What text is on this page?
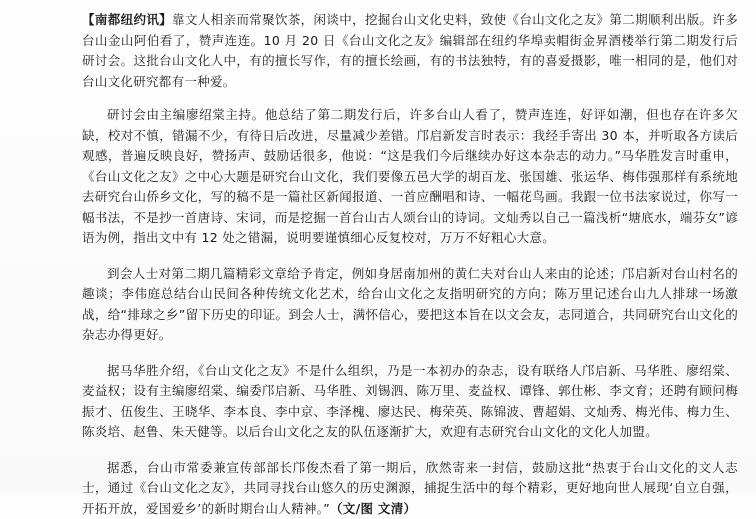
【南都纽约讯】靠文人相亲而常聚饮茶，闲谈中，挖掘台山文化史料，致使《台山文化之友》第二期顺利出版。许多台山金山阿伯看了，赞声连连。10 月 20 日《台山文化之友》编辑部在纽约华埠卖帽街金昇酒楼举行第二期发行后研讨会。这批台山文化人中，有的擅长写作，有的擅长绘画，有的书法独特，有的喜爱摄影，唯一相同的是，他们对台山文化研究都有一种爱。

研讨会由主编廖绍棠主持。他总结了第二期发行后，许多台山人看了，赞声连连，好评如潮，但也存在许多欠缺，校对不慎，错漏不少，有待日后改进，尽量减少差错。邝启新发言时表示：我经手寄出 30 本，并听取各方读后观感，普遍反映良好，赞扬声、鼓励话很多，他说：“这是我们今后继续办好这本杂志的动力。”马华胜发言时重申，《台山文化之友》之中心大题是研究台山文化，我们要像五邑大学的胡百龙、张国雄、张运华、梅伟强那样有系统地去研究台山侨乡文化，写的稿不是一篇社区新闻报道、一首应酬唱和诗、一幅花鸟画。我跟一位书法家说过，你写一幅书法，不是抄一首唐诗、宋词，而是挖掘一首台山古人颂台山的诗词。文灿秀以自己一篇浅析“塘底水，端芬女”谚语为例，指出文中有 12 处之错漏，说明要谨慎细心反复校对，万万不好粗心大意。

到会人士对第二期几篇精彩文章给予肯定，例如身居南加州的黄仁夫对台山人来由的论述；邝启新对台山村名的趣谈；李伟庭总结台山民间各种传统文化艺术，给台山文化之友指明研究的方向；陈万里记述台山九人排球一场激战，给“排球之乡”留下历史的印证。到会人士，满怀信心，要把这本旨在以文会友，志同道合，共同研究台山文化的杂志办得更好。

据马华胜介绍，《台山文化之友》不是什么组织，乃是一本初办的杂志，设有联络人邝启新、马华胜、廖绍棠、麦益权；设有主编廖绍棠、编委邝启新、马华胜、刘锡泗、陈万里、麦益权、谭锋、郭仕彬、李文育；还聘有顾问梅振才、伍俊生、王晓华、李本良、李中京、李泽槐、廖达民、梅荣英、陈锦波、曹超娟、文灿秀、梅光伟、梅力生、陈炎培、赵鲁、朱天健等。以后台山文化之友的队伍逐渐扩大，欢迎有志研究台山文化的文化人加盟。

据悉，台山市常委兼宣传部部长邝俊杰看了第一期后，欣然寄来一封信，鼓励这批“热衷于台山文化的文人志士，通过《台山文化之友》，共同寻找台山悠久的历史渊源，捕捉生活中的每个精彩，更好地向世人展现‘自立自强，开拓开放，爱国爱乡’的新时期台山人精神。”（文/图 文清）
